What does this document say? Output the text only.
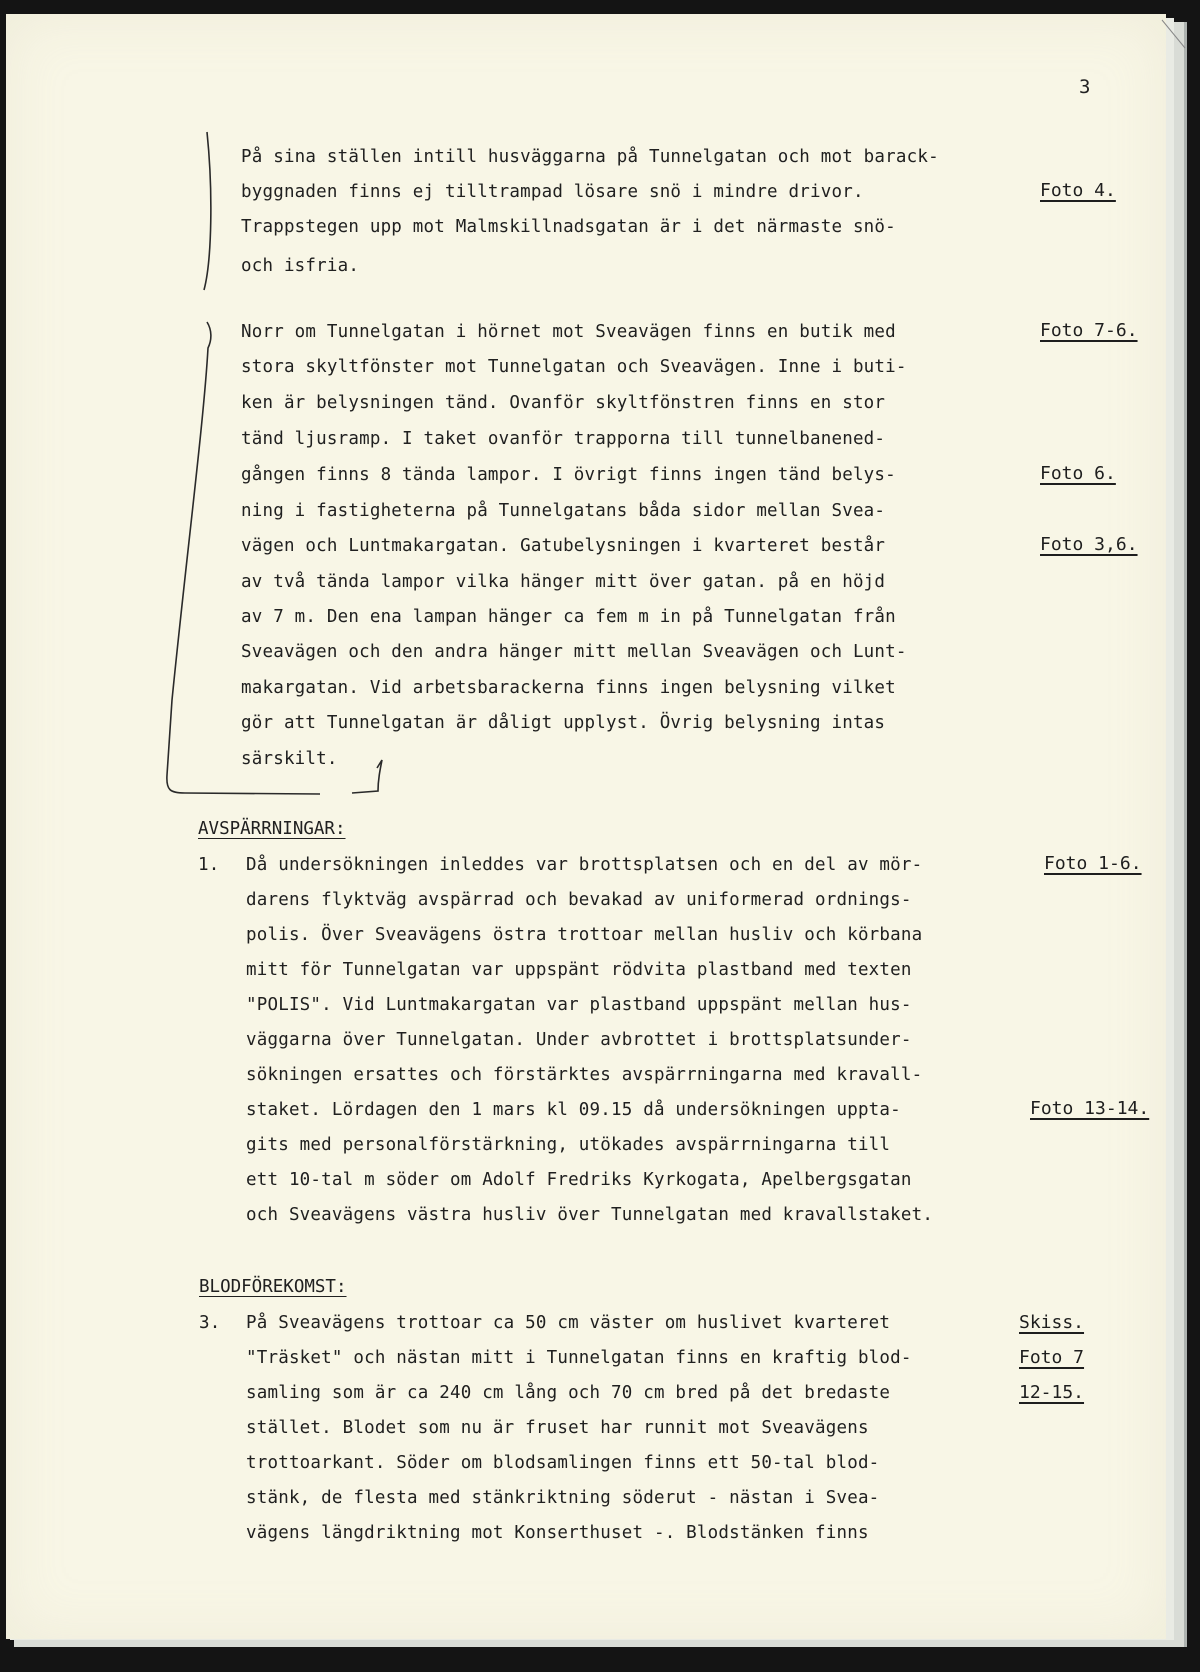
3
På sina ställen intill husväggarna på Tunnelgatan och mot barack-
byggnaden finns ej tilltrampad lösare snö i mindre drivor.
Trappstegen upp mot Malmskillnadsgatan är i det närmaste snö-
och isfria.
Foto 4.
Norr om Tunnelgatan i hörnet mot Sveavägen finns en butik med
stora skyltfönster mot Tunnelgatan och Sveavägen. Inne i buti-
ken är belysningen tänd. Ovanför skyltfönstren finns en stor
tänd ljusramp. I taket ovanför trapporna till tunnelbanened-
gången finns 8 tända lampor. I övrigt finns ingen tänd belys-
ning i fastigheterna på Tunnelgatans båda sidor mellan Svea-
vägen och Luntmakargatan. Gatubelysningen i kvarteret består
av två tända lampor vilka hänger mitt över gatan. på en höjd
av 7 m. Den ena lampan hänger ca fem m in på Tunnelgatan från
Sveavägen och den andra hänger mitt mellan Sveavägen och Lunt-
makargatan. Vid arbetsbarackerna finns ingen belysning vilket
gör att Tunnelgatan är dåligt upplyst. Övrig belysning intas
särskilt.
Foto 7-6.
Foto 6.
Foto 3,6.
AVSPÄRRNINGAR:
1. Då undersökningen inleddes var brottsplatsen och en del av mör-
darens flyktväg avspärrad och bevakad av uniformerad ordnings-
polis. Över Sveavägens östra trottoar mellan husliv och körbana
mitt för Tunnelgatan var uppspänt rödvita plastband med texten
"POLIS". Vid Luntmakargatan var plastband uppspänt mellan hus-
väggarna över Tunnelgatan. Under avbrottet i brottsplatsunder-
sökningen ersattes och förstärktes avspärrningarna med kravall-
staket. Lördagen den 1 mars kl 09.15 då undersökningen uppta-
gits med personalförstärkning, utökades avspärrningarna till
ett 10-tal m söder om Adolf Fredriks Kyrkogata, Apelbergsgatan
och Sveavägens västra husliv över Tunnelgatan med kravallstaket.
Foto 1-6.
Foto 13-14.
BLODFÖREKOMST:
3. På Sveavägens trottoar ca 50 cm väster om huslivet kvarteret
"Träsket" och nästan mitt i Tunnelgatan finns en kraftig blod-
samling som är ca 240 cm lång och 70 cm bred på det bredaste
stället. Blodet som nu är fruset har runnit mot Sveavägens
trottoarkant. Söder om blodsamlingen finns ett 50-tal blod-
stänk, de flesta med stänkriktning söderut - nästan i Svea-
vägens längdriktning mot Konserthuset -. Blodstänken finns
Skiss.
Foto 7
12-15.
